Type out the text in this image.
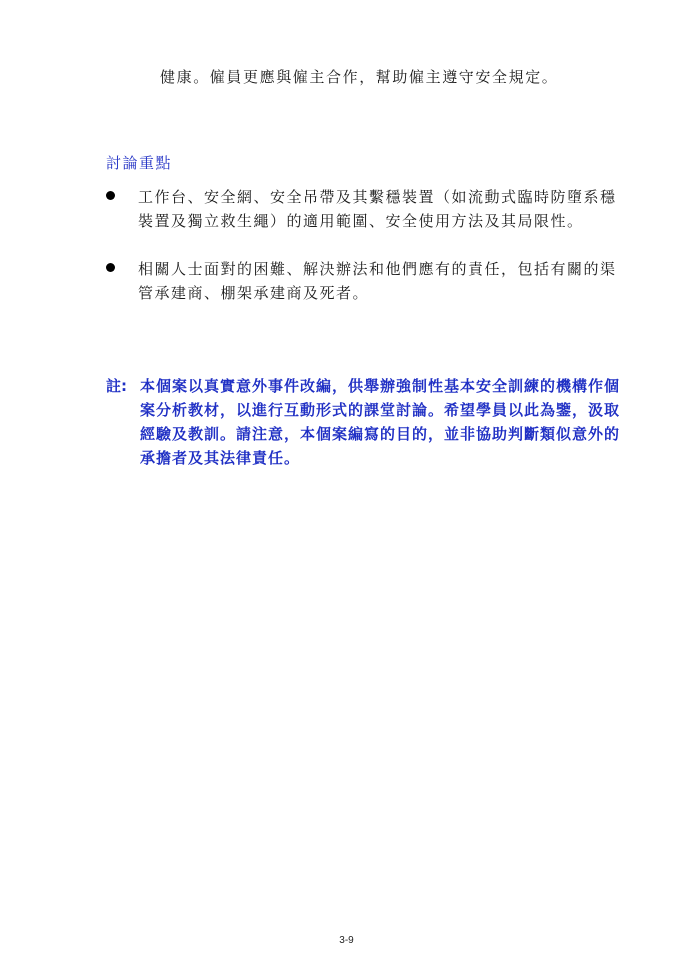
健康。僱員更應與僱主合作，幫助僱主遵守安全規定。
討論重點
工作台、安全網、安全吊帶及其繫穩裝置（如流動式臨時防墮系穩裝置及獨立救生繩）的適用範圍、安全使用方法及其局限性。
相關人士面對的困難、解決辦法和他們應有的責任，包括有關的渠管承建商、棚架承建商及死者。
註: 本個案以真實意外事件改編，供舉辦強制性基本安全訓練的機構作個案分析教材，以進行互動形式的課堂討論。希望學員以此為鑒，汲取經驗及教訓。請注意，本個案編寫的目的，並非協助判斷類似意外的承擔者及其法律責任。
3-9
